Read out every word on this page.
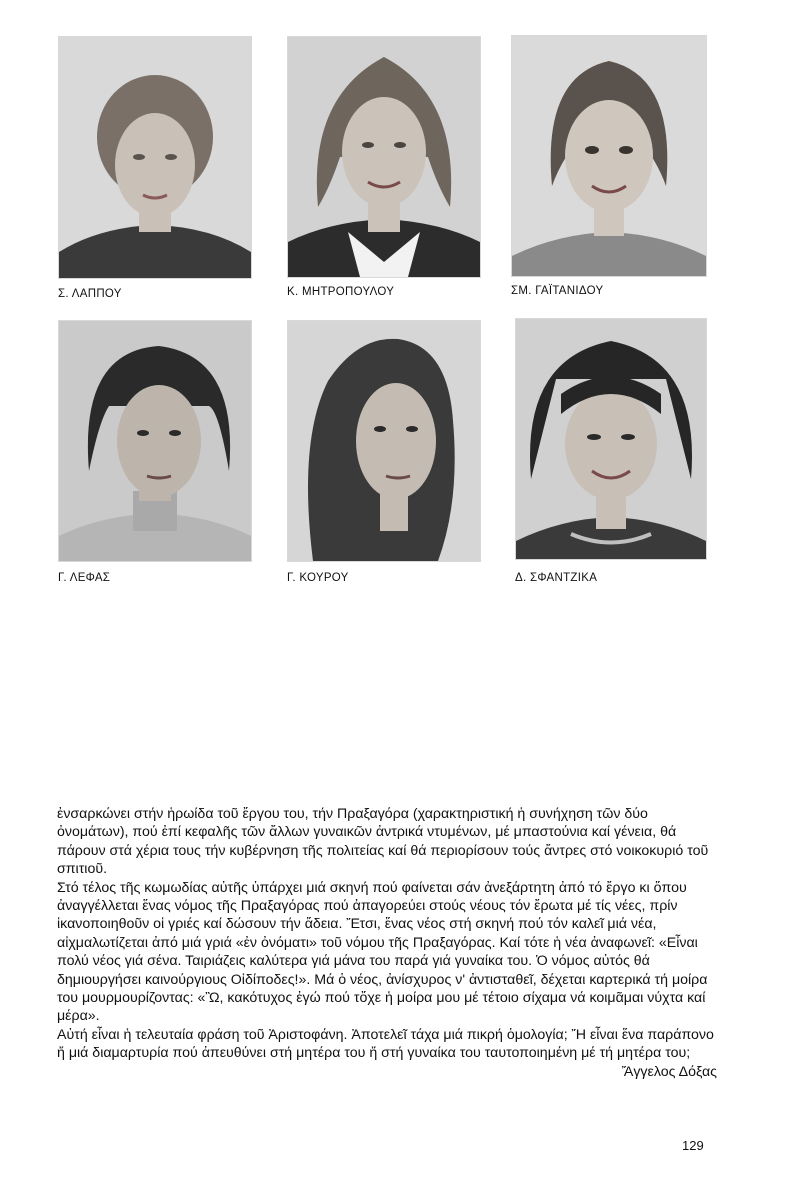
Σ. ΛΑΠΠΟΥ	Κ. ΜΗΤΡΟΠΟΥΛΟΥ	ΣΜ. ΓΑΪΤΑΝΙΔΟΥ
Γ. ΛΕΦΑΣ	Γ. ΚΟΥΡΟΥ	Δ. ΣΦΑΝΤΖΙΚΑ

ἐνσαρκώνει στήν ἡρωίδα τοῦ ἔργου του, τήν Πραξαγόρα (χαρακτηριστική ἡ συνήχηση τῶν δύο ὀνομάτων), πού ἐπί κεφαλῆς τῶν ἄλλων γυναικῶν ἀντρικά ντυμένων, μέ μπαστούνια καί γένεια, θά πάρουν στά χέρια τους τήν κυβέρνηση τῆς πολιτείας καί θά περιορίσουν τούς ἄντρες στό νοικοκυριό τοῦ σπιτιοῦ.

Στό τέλος τῆς κωμωδίας αὐτῆς ὑπάρχει μιά σκηνή πού φαίνεται σάν ἀνεξάρτητη ἀπό τό ἔργο κι ὅπου ἀναγγέλλεται ἕνας νόμος τῆς Πραξαγόρας πού ἀπαγορεύει στούς νέους τόν ἔρωτα μέ τίς νέες, πρίν ἱκανοποιηθοῦν οἱ γριές καί δώσουν τήν ἄδεια. Ἔτσι, ἕνας νέος στή σκηνή πού τόν καλεῖ μιά νέα, αἰχμαλωτίζεται ἀπό μιά γριά «ἐν ὀνόματι» τοῦ νόμου τῆς Πραξαγόρας. Καί τότε ἡ νέα ἀναφωνεῖ: «Εἶναι πολύ νέος γιά σένα. Ταιριάζεις καλύτερα γιά μάνα του παρά γιά γυναίκα του. Ὁ νόμος αὐτός θά δημιουργήσει καινούργιους Οἰδίποδες!». Μά ὁ νέος, ἀνίσχυρος ν' ἀντισταθεῖ, δέχεται καρτερικά τή μοίρα του μουρμουρίζοντας: «Ὢ, κακότυχος ἐγώ πού τὄχε ἡ μοίρα μου μέ τέτοιο σίχαμα νά κοιμᾶμαι νύχτα καί μέρα».

Αὐτή εἶναι ἡ τελευταία φράση τοῦ Ἀριστοφάνη. Ἀποτελεῖ τάχα μιά πικρή ὁμολογία; Ἤ εἶναι ἕνα παράπονο ἤ μιά διαμαρτυρία πού ἀπευθύνει στή μητέρα του ἤ στή γυναίκα του ταυτοποιημένη μέ τή μητέρα του;

Ἄγγελος Δόξας

129
